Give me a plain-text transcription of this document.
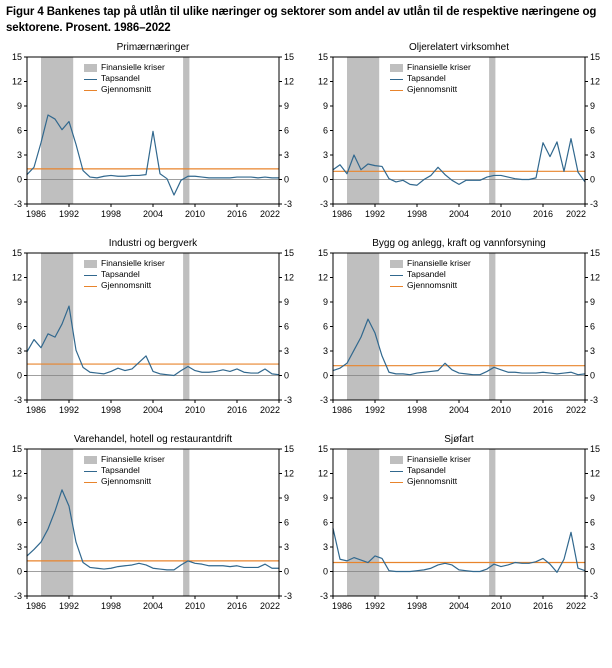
Figur 4 Bankenes tap på utlån til ulike næringer og sektorer som andel av utlån til de respektive næringene og sektorene. Prosent. 1986–2022
Primærnæringer
-3	-3
0	0
3	3
6	6
9	9
12	12
15	15
1986 1992 1998 2004 2010 2016 2022
Finansielle kriser
Tapsandel
Gjennomsnitt
Oljerelatert virksomhet
-3	-3
0	0
3	3
6	6
9	9
12	12
15	15
1986 1992 1998 2004 2010 2016 2022
Finansielle kriser
Tapsandel
Gjennomsnitt
Industri og bergverk
-3	-3
0	0
3	3
6	6
9	9
12	12
15	15
1986 1992 1998 2004 2010 2016 2022
Finansielle kriser
Tapsandel
Gjennomsnitt
Bygg og anlegg, kraft og vannforsyning
-3	-3
0	0
3	3
6	6
9	9
12	12
15	15
1986 1992 1998 2004 2010 2016 2022
Finansielle kriser
Tapsandel
Gjennomsnitt
Varehandel, hotell og restaurantdrift
-3	-3
0	0
3	3
6	6
9	9
12	12
15	15
1986 1992 1998 2004 2010 2016 2022
Finansielle kriser
Tapsandel
Gjennomsnitt
Sjøfart
-3	-3
0	0
3	3
6	6
9	9
12	12
15	15
1986 1992 1998 2004 2010 2016 2022
Finansielle kriser
Tapsandel
Gjennomsnitt
